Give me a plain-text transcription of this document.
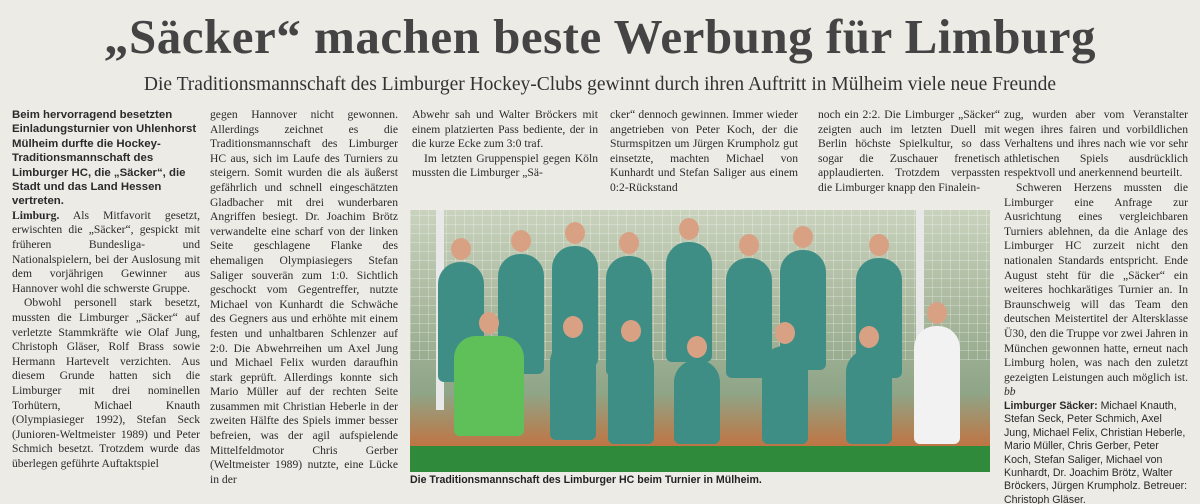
„Säcker“ machen beste Werbung für Limburg
Die Traditionsmannschaft des Limburger Hockey-Clubs gewinnt durch ihren Auftritt in Mülheim viele neue Freunde

Beim hervorragend besetzten Einladungsturnier von Uhlenhorst Mülheim durfte die Hockey-Traditionsmannschaft des Limburger HC, die „Säcker“, die Stadt und das Land Hessen vertreten.

Limburg. Als Mitfavorit gesetzt, erwischten die „Säcker“, gespickt mit früheren Bundesliga- und Nationalspielern, bei der Auslosung mit dem vorjährigen Gewinner aus Hannover wohl die schwerste Gruppe.

Obwohl personell stark besetzt, mussten die Limburger „Säcker“ auf verletzte Stammkräfte wie Olaf Jung, Christoph Gläser, Rolf Brass sowie Hermann Hartevelt verzichten. Aus diesem Grunde hatten sich die Limburger mit drei nominellen Torhütern, Michael Knauth (Olympiasieger 1992), Stefan Seck (Junioren-Weltmeister 1989) und Peter Schmich besetzt. Trotzdem wurde das überlegen geführte Auftaktspiel

gegen Hannover nicht gewonnen. Allerdings zeichnet es die Traditionsmannschaft des Limburger HC aus, sich im Laufe des Turniers zu steigern. Somit wurden die als äußerst gefährlich und schnell eingeschätzten Gladbacher mit drei wunderbaren Angriffen besiegt. Dr. Joachim Brötz verwandelte eine scharf von der linken Seite geschlagene Flanke des ehemaligen Olympiasiegers Stefan Saliger souverän zum 1:0. Sichtlich geschockt vom Gegentreffer, nutzte Michael von Kunhardt die Schwäche des Gegners aus und erhöhte mit einem festen und unhaltbaren Schlenzer auf 2:0. Die Abwehrreihen um Axel Jung und Michael Felix wurden daraufhin stark geprüft. Allerdings konnte sich Mario Müller auf der rechten Seite zusammen mit Christian Heberle in der zweiten Hälfte des Spiels immer besser befreien, was der agil aufspielende Mittelfeldmotor Chris Gerber (Weltmeister 1989) nutzte, eine Lücke in der

Abwehr sah und Walter Bröckers mit einem platzierten Pass bediente, der in die kurze Ecke zum 3:0 traf.

Im letzten Gruppenspiel gegen Köln mussten die Limburger „Sä-

cker“ dennoch gewinnen. Immer wieder angetrieben von Peter Koch, der die Sturmspitzen um Jürgen Krumpholz gut einsetzte, machten Michael von Kunhardt und Stefan Saliger aus einem 0:2-Rückstand

noch ein 2:2. Die Limburger „Säcker“ zeigten auch im letzten Duell mit Berlin höchste Spielkultur, so dass sogar die Zuschauer frenetisch applaudierten. Trotzdem verpassten die Limburger knapp den Finalein-

zug, wurden aber vom Veranstalter wegen ihres fairen und vorbildlichen Verhaltens und ihres nach wie vor sehr athletischen Spiels ausdrücklich respektvoll und anerkennend beurteilt.

Schweren Herzens mussten die Limburger eine Anfrage zur Ausrichtung eines vergleichbaren Turniers ablehnen, da die Anlage des Limburger HC zurzeit nicht den nationalen Standards entspricht. Ende August steht für die „Säcker“ ein weiteres hochkarätiges Turnier an. In Braunschweig will das Team den deutschen Meistertitel der Altersklasse Ü30, den die Truppe vor zwei Jahren in München gewonnen hatte, erneut nach Limburg holen, was nach den zuletzt gezeigten Leistungen auch möglich ist. bb

Limburger Säcker: Michael Knauth, Stefan Seck, Peter Schmich, Axel Jung, Michael Felix, Christian Heberle, Mario Müller, Chris Gerber, Peter Koch, Stefan Saliger, Michael von Kunhardt, Dr. Joachim Brötz, Walter Bröckers, Jürgen Krumpholz. Betreuer: Christoph Gläser.

Die Traditionsmannschaft des Limburger HC beim Turnier in Mülheim.
